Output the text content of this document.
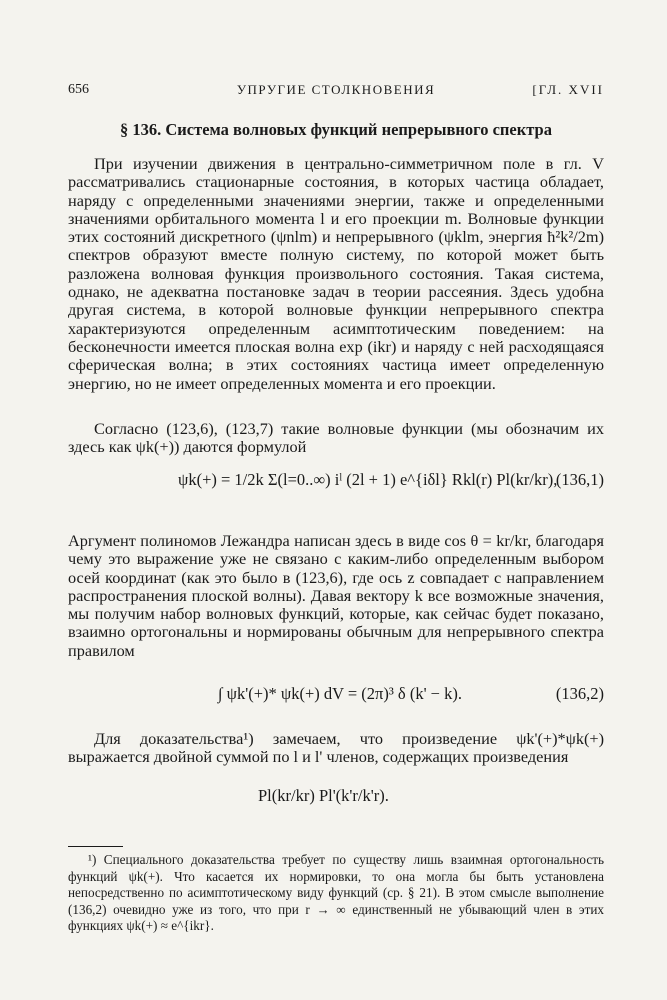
656	УПРУГИЕ СТОЛКНОВЕНИЯ	[ГЛ. XVII
§ 136. Система волновых функций непрерывного спектра

При изучении движения в центрально-симметричном поле в гл. V рассматривались стационарные состояния, в которых частица обладает, наряду с определенными значениями энергии, также и определенными значениями орбитального момента l и его проекции m. Волновые функции этих состояний дискретного (ψnlm) и непрерывного (ψklm, энергия ħ²k²/2m) спектров образуют вместе полную систему, по которой может быть разложена волновая функция произвольного состояния. Такая система, однако, не адекватна постановке задач в теории рассеяния. Здесь удобна другая система, в которой волновые функции непрерывного спектра характеризуются определенным асимптотическим поведением: на бесконечности имеется плоская волна exp (ikr) и наряду с ней расходящаяся сферическая волна; в этих состояниях частица имеет определенную энергию, но не имеет определенных момента и его проекции.

Согласно (123,6), (123,7) такие волновые функции (мы обозначим их здесь как ψk(+)) даются формулой

ψk(+) = 1/2k Σ(l=0..∞) iˡ (2l + 1) e^{iδl} Rkl(r) Pl(kr/kr),
(136,1)

Аргумент полиномов Лежандра написан здесь в виде cos θ = kr/kr, благодаря чему это выражение уже не связано с каким-либо определенным выбором осей координат (как это было в (123,6), где ось z совпадает с направлением распространения плоской волны). Давая вектору k все возможные значения, мы получим набор волновых функций, которые, как сейчас будет показано, взаимно ортогональны и нормированы обычным для непрерывного спектра правилом

∫ ψk'(+)* ψk(+) dV = (2π)³ δ (k' − k).	(136,2)

Для доказательства¹) замечаем, что произведение ψk'(+)*ψk(+) выражается двойной суммой по l и l' членов, содержащих произведения

Pl(kr/kr) Pl'(k'r/k'r).

¹) Специального доказательства требует по существу лишь взаимная ортогональность функций ψk(+). Что касается их нормировки, то она могла бы быть установлена непосредственно по асимптотическому виду функций (ср. § 21). В этом смысле выполнение (136,2) очевидно уже из того, что при r → ∞ единственный не убывающий член в этих функциях ψk(+) ≈ e^{ikr}.
